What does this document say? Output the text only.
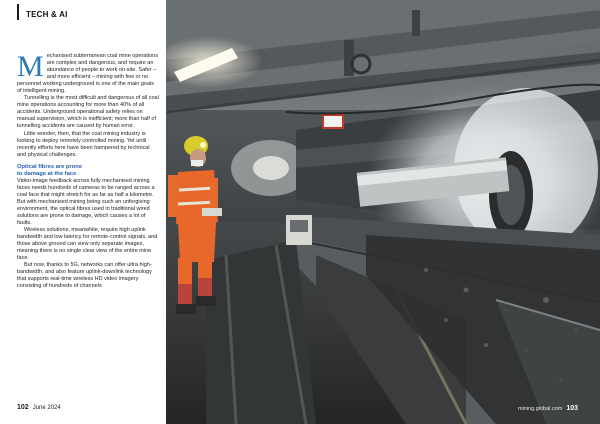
TECH & AI

Mechanised subterranean coal mine operations are complex and dangerous, and require an abundance of people to work on-site. Safer – and more efficient – mining with few or no personnel working underground is one of the main goals of intelligent mining.

Tunnelling is the most difficult and dangerous of all coal mine operations accounting for more than 40% of all accidents. Underground operational safety relies on manual supervision, which is inefficient; more than half of tunnelling accidents are caused by human error.

Little wonder, then, that the coal mining industry is looking to deploy remotely controlled mining. Yet until recently efforts here have been hampered by technical and physical challenges.

Optical fibres are prone
to damage at the face

Video-image feedback across fully mechanised mining faces needs hundreds of cameras to be ranged across a coal face that might stretch for as far as half a kilometre. But with mechanised mining being such an unforgiving environment, the optical fibres used in traditional wired solutions are prone to damage, which causes a lot of faults.

Wireless solutions, meanwhile, require high uplink bandwidth and low latency for remote-control signals, and those above ground can view only separate images, meaning there is no single clear view of the entire mine face.

But now, thanks to 5G, networks can offer ultra high-bandwidth, and also feature uplink-downlink technology that supports real-time wireless HD video imagery consisting of hundreds of channels

102 June 2024	mining.global.com 103
